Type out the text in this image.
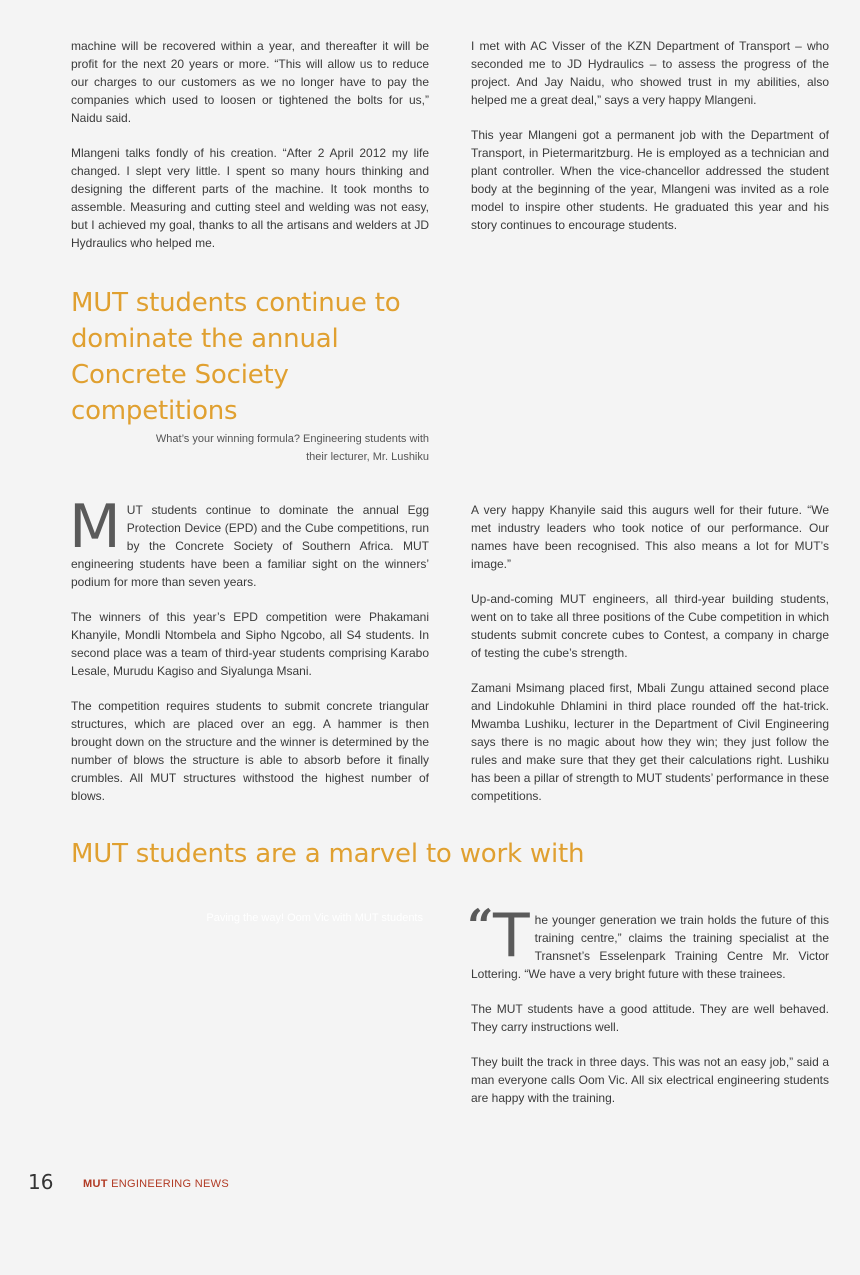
machine will be recovered within a year, and thereafter it will be profit for the next 20 years or more. “This will allow us to reduce our charges to our customers as we no longer have to pay the companies which used to loosen or tightened the bolts for us,” Naidu said.

Mlangeni talks fondly of his creation. “After 2 April 2012 my life changed. I slept very little. I spent so many hours thinking and designing the different parts of the machine. It took months to assemble. Measuring and cutting steel and welding was not easy, but I achieved my goal, thanks to all the artisans and welders at JD Hydraulics who helped me.

I met with AC Visser of the KZN Department of Transport – who seconded me to JD Hydraulics – to assess the progress of the project. And Jay Naidu, who showed trust in my abilities, also helped me a great deal,” says a very happy Mlangeni.

This year Mlangeni got a permanent job with the Department of Transport, in Pietermaritzburg. He is employed as a technician and plant controller. When the vice-chancellor addressed the student body at the beginning of the year, Mlangeni was invited as a role model to inspire other students. He graduated this year and his story continues to encourage students.

MUT students continue to dominate the annual Concrete Society competitions
What’s your winning formula? Engineering students with their lecturer, Mr. Lushiku

MUT students continue to dominate the annual Egg Protection Device (EPD) and the Cube competitions, run by the Concrete Society of Southern Africa. MUT engineering students have been a familiar sight on the winners’ podium for more than seven years.

The winners of this year’s EPD competition were Phakamani Khanyile, Mondli Ntombela and Sipho Ngcobo, all S4 students. In second place was a team of third-year students comprising Karabo Lesale, Murudu Kagiso and Siyalunga Msani.

The competition requires students to submit concrete triangular structures, which are placed over an egg. A hammer is then brought down on the structure and the winner is determined by the number of blows the structure is able to absorb before it finally crumbles. All MUT structures withstood the highest number of blows.

A very happy Khanyile said this augurs well for their future. “We met industry leaders who took notice of our performance. Our names have been recognised. This also means a lot for MUT’s image.”

Up-and-coming MUT engineers, all third-year building students, went on to take all three positions of the Cube competition in which students submit concrete cubes to Contest, a company in charge of testing the cube’s strength.

Zamani Msimang placed first, Mbali Zungu attained second place and Lindokuhle Dhlamini in third place rounded off the hat-trick. Mwamba Lushiku, lecturer in the Department of Civil Engineering says there is no magic about how they win; they just follow the rules and make sure that they get their calculations right. Lushiku has been a pillar of strength to MUT students’ performance in these competitions.

MUT students are a marvel to work with
Paving the way! Oom Vic with MUT students “ The younger generation we train holds the future of this training centre,” claims the training specialist at the Transnet’s Esselenpark Training Centre Mr. Victor Lottering. “We have a very bright future with these trainees.

The MUT students have a good attitude. They are well behaved. They carry instructions well.

They built the track in three days. This was not an easy job,” said a man everyone calls Oom Vic. All six electrical engineering students are happy with the training.

16	MUT ENGINEERING NEWS
